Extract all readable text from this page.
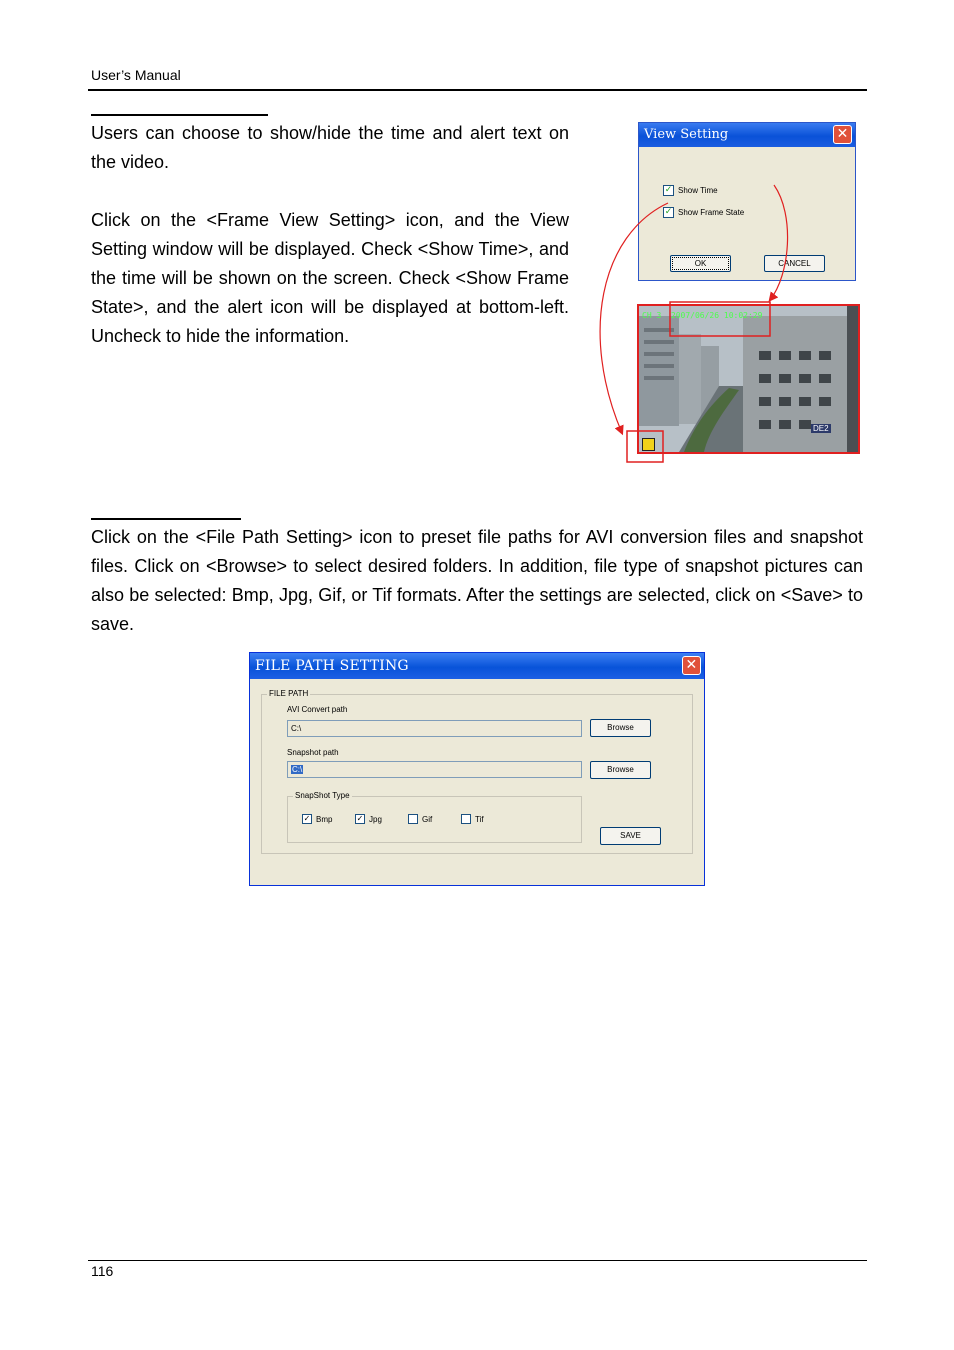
User’s Manual

Users can choose to show/hide the time and alert text on the video.

Click on the <Frame View Setting> icon, and the View Setting window will be displayed. Check <Show Time>, and the time will be shown on the screen. Check <Show Frame State>, and the alert icon will be displayed at bottom-left. Uncheck to hide the information.

View Setting	✕
✓ Show Time
✓ Show Frame State
OK	CANCEL
CH 3  2007/06/26 10:02:29
DE2

Click on the <File Path Setting> icon to preset file paths for AVI conversion files and snapshot files. Click on <Browse> to select desired folders. In addition, file type of snapshot pictures can also be selected: Bmp, Jpg, Gif, or Tif formats. After the settings are selected, click on <Save> to save.

FILE PATH SETTING	✕
FILE PATH
AVI Convert path
C:\	Browse
Snapshot path
C:\	Browse
SnapShot Type
✓ Bmp	✓ Jpg	Gif	Tif
SAVE
116
